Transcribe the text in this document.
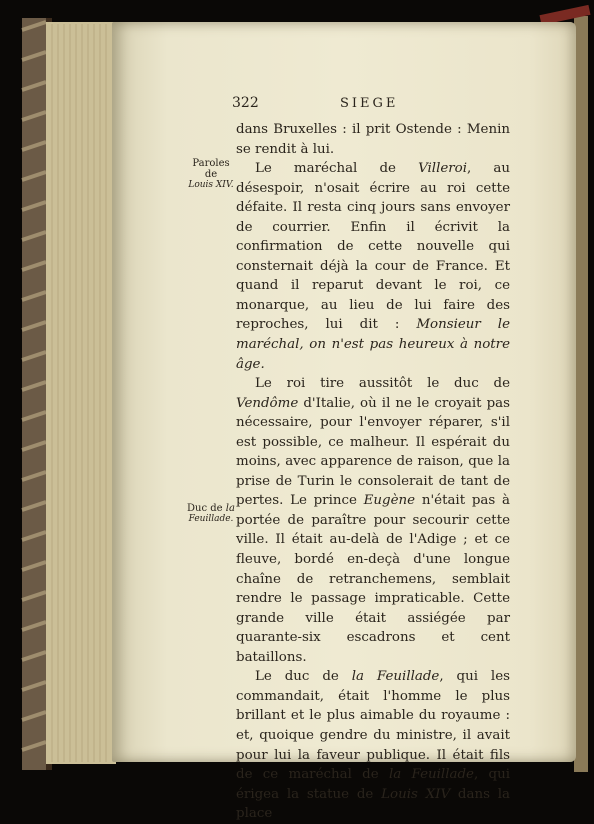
322	SIEGE
Paroles
de
Louis XIV.
Duc de la
Feuillade.

dans Bruxelles : il prit Ostende : Menin se rendit à lui.

Le maréchal de Villeroi, au désespoir, n'osait écrire au roi cette défaite. Il resta cinq jours sans envoyer de courrier. Enfin il écrivit la confirmation de cette nouvelle qui consternait déjà la cour de France. Et quand il reparut devant le roi, ce monarque, au lieu de lui faire des reproches, lui dit : Monsieur le maréchal, on n'est pas heureux à notre âge.

Le roi tire aussitôt le duc de Vendôme d'Italie, où il ne le croyait pas nécessaire, pour l'envoyer réparer, s'il est possible, ce malheur. Il espérait du moins, avec apparence de raison, que la prise de Turin le consolerait de tant de pertes. Le prince Eugène n'était pas à portée de paraître pour secourir cette ville. Il était au-delà de l'Adige ; et ce fleuve, bordé en-deçà d'une longue chaîne de retranchemens, semblait rendre le passage impraticable. Cette grande ville était assiégée par quarante-six escadrons et cent bataillons.

Le duc de la Feuillade, qui les commandait, était l'homme le plus brillant et le plus aimable du royaume : et, quoique gendre du ministre, il avait pour lui la faveur publique. Il était fils de ce maréchal de la Feuillade, qui érigea la statue de Louis XIV dans la place
